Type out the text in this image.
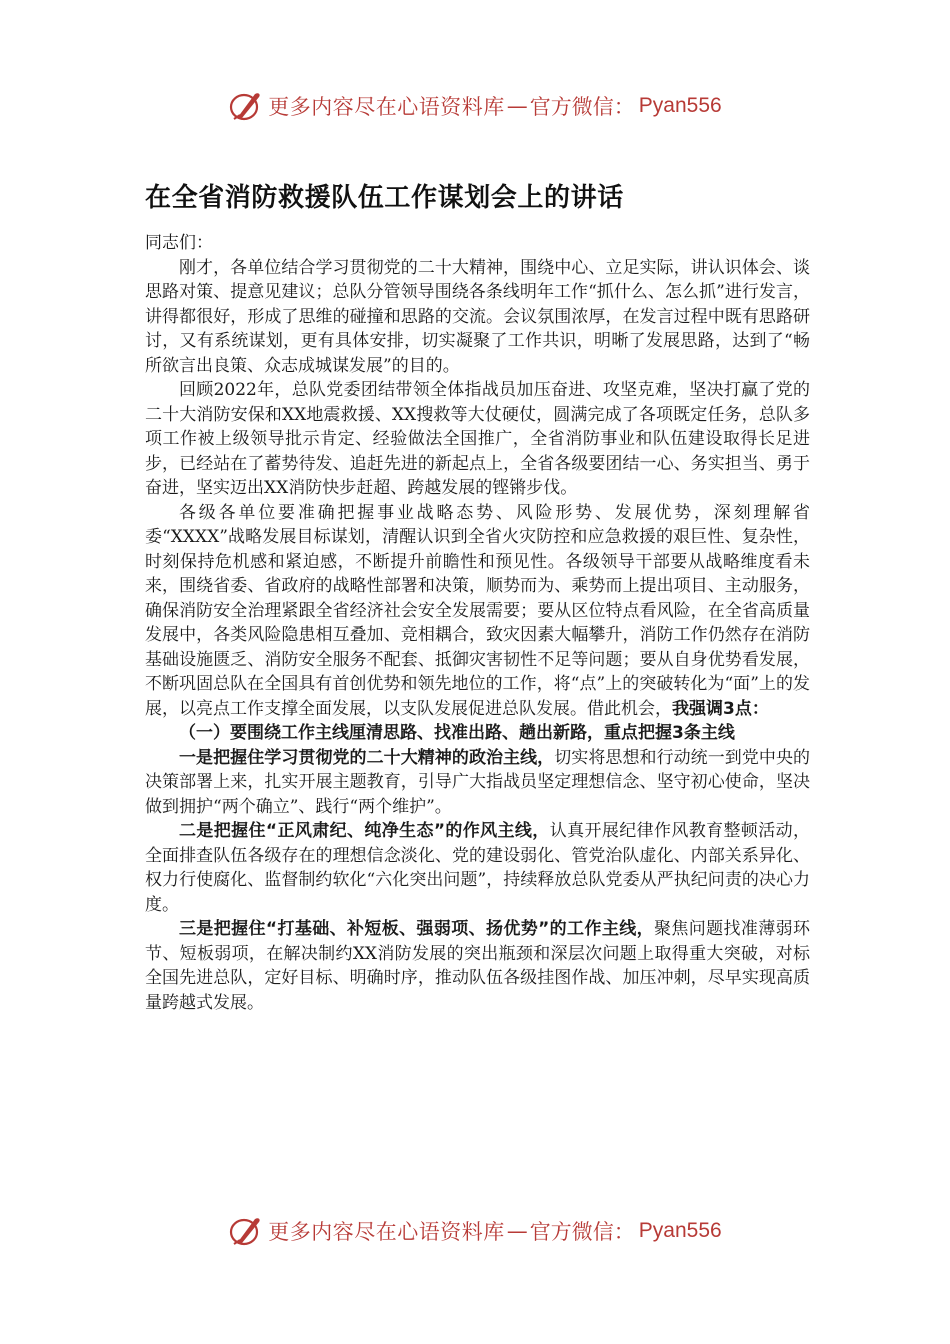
更多内容尽在心语资料库 — 官方微信： Pyan556
在全省消防救援队伍工作谋划会上的讲话

同志们：

刚才，各单位结合学习贯彻党的二十大精神，围绕中心、立足实际，讲认识体会、谈思路对策、提意见建议；总队分管领导围绕各条线明年工作“抓什么、怎么抓”进行发言，讲得都很好，形成了思维的碰撞和思路的交流。会议氛围浓厚，在发言过程中既有思路研讨，又有系统谋划，更有具体安排，切实凝聚了工作共识，明晰了发展思路，达到了“畅所欲言出良策、众志成城谋发展”的目的。

回顾2022年，总队党委团结带领全体指战员加压奋进、攻坚克难，坚决打赢了党的二十大消防安保和XX地震救援、XX搜救等大仗硬仗，圆满完成了各项既定任务，总队多项工作被上级领导批示肯定、经验做法全国推广，全省消防事业和队伍建设取得长足进步，已经站在了蓄势待发、追赶先进的新起点上，全省各级要团结一心、务实担当、勇于奋进，坚实迈出XX消防快步赶超、跨越发展的铿锵步伐。

各级各单位要准确把握事业战略态势、风险形势、发展优势，深刻理解省委“XXXX”战略发展目标谋划，清醒认识到全省火灾防控和应急救援的艰巨性、复杂性，时刻保持危机感和紧迫感，不断提升前瞻性和预见性。各级领导干部要从战略维度看未来，围绕省委、省政府的战略性部署和决策，顺势而为、乘势而上提出项目、主动服务，确保消防安全治理紧跟全省经济社会安全发展需要；要从区位特点看风险，在全省高质量发展中，各类风险隐患相互叠加、竞相耦合，致灾因素大幅攀升，消防工作仍然存在消防基础设施匮乏、消防安全服务不配套、抵御灾害韧性不足等问题；要从自身优势看发展，不断巩固总队在全国具有首创优势和领先地位的工作，将“点”上的突破转化为“面”上的发展，以亮点工作支撑全面发展，以支队发展促进总队发展。借此机会，我强调3点：

（一）要围绕工作主线厘清思路、找准出路、趟出新路，重点把握3条主线

一是把握住学习贯彻党的二十大精神的政治主线，切实将思想和行动统一到党中央的决策部署上来，扎实开展主题教育，引导广大指战员坚定理想信念、坚守初心使命，坚决做到拥护“两个确立”、践行“两个维护”。

二是把握住“正风肃纪、纯净生态”的作风主线，认真开展纪律作风教育整顿活动，全面排查队伍各级存在的理想信念淡化、党的建设弱化、管党治队虚化、内部关系异化、权力行使腐化、监督制约软化“六化突出问题”，持续释放总队党委从严执纪问责的决心力度。

三是把握住“打基础、补短板、强弱项、扬优势”的工作主线，聚焦问题找准薄弱环节、短板弱项，在解决制约XX消防发展的突出瓶颈和深层次问题上取得重大突破，对标全国先进总队，定好目标、明确时序，推动队伍各级挂图作战、加压冲刺，尽早实现高质量跨越式发展。

更多内容尽在心语资料库 — 官方微信： Pyan556
